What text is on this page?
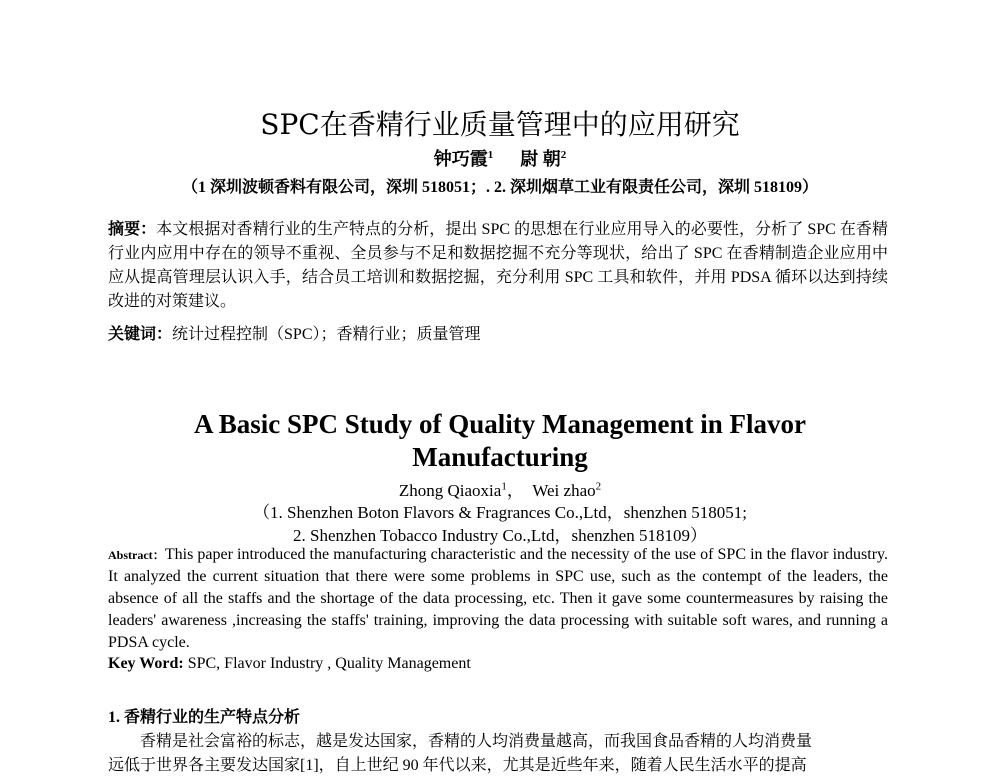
SPC在香精行业质量管理中的应用研究
钟巧霞$^1$ 尉 朝$^2$
（1 深圳波顿香料有限公司，深圳 518051；. 2. 深圳烟草工业有限责任公司，深圳 518109）
摘要：本文根据对香精行业的生产特点的分析，提出 SPC 的思想在行业应用导入的必要性，分析了 SPC 在香精行业内应用中存在的领导不重视、全员参与不足和数据挖掘不充分等现状，给出了 SPC 在香精制造企业应用中应从提高管理层认识入手，结合员工培训和数据挖掘，充分利用 SPC 工具和软件，并用 PDSA 循环以达到持续改进的对策建议。
关键词：统计过程控制（SPC）；香精行业；质量管理
A Basic SPC Study of Quality Management in Flavor
Manufacturing
Zhong Qiaoxia$^1$， Wei zhao$^2$
（1. Shenzhen Boton Flavors & Fragrances Co.,Ltd，shenzhen 518051;
2. Shenzhen Tobacco Industry Co.,Ltd，shenzhen 518109）
Abstract：This paper introduced the manufacturing characteristic and the necessity of the use of SPC in the flavor industry. It analyzed the current situation that there were some problems in SPC use, such as the contempt of the leaders, the absence of all the staffs and the shortage of the data processing, etc. Then it gave some countermeasures by raising the leaders' awareness ,increasing the staffs' training, improving the data processing with suitable soft wares, and running a PDSA cycle.
Key Word: SPC, Flavor Industry , Quality Management
1. 香精行业的生产特点分析
香精是社会富裕的标志，越是发达国家，香精的人均消费量越高，而我国食品香精的人均消费量
远低于世界各主要发达国家[1]，自上世纪 90 年代以来，尤其是近些年来，随着人民生活水平的提高
